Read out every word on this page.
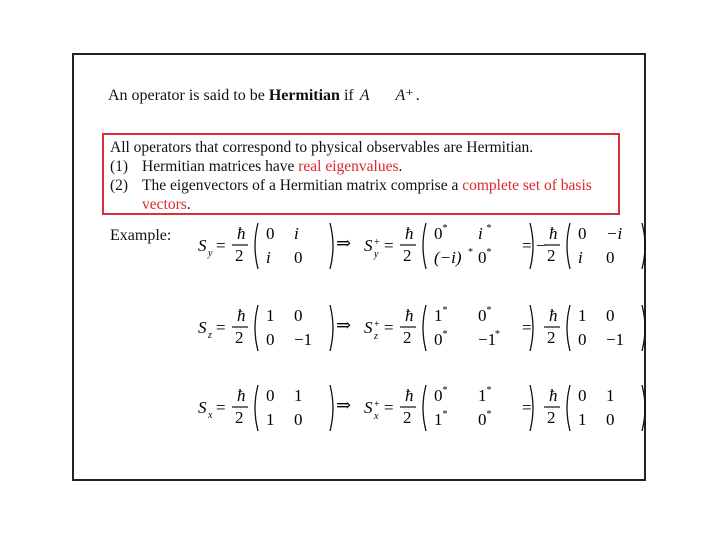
An operator is said to be Hermitian if A A⁺ .
All operators that correspond to physical observables are Hermitian.
(1) Hermitian matrices have real eigenvalues.
(2) The eigenvectors of a Hermitian matrix comprise a complete set of basis
vectors.
Example:
S y =
ħ
2
0 i
i 0
⇒ S +
y =
ħ
2
0 * i *
(−i) * 0 * = −
ħ
2
0 −i
i 0
S z =
ħ
2
1 0
0 −1
⇒ S +
z =
ħ
2
1 * 0 *
0 * −1
* =
ħ
2
1 0
0 −1
S x =
ħ
2
0 1
1 0
⇒ S +
x =
ħ
2
0 * 1 *
1 * 0 * =
ħ
2
0 1
1 0
